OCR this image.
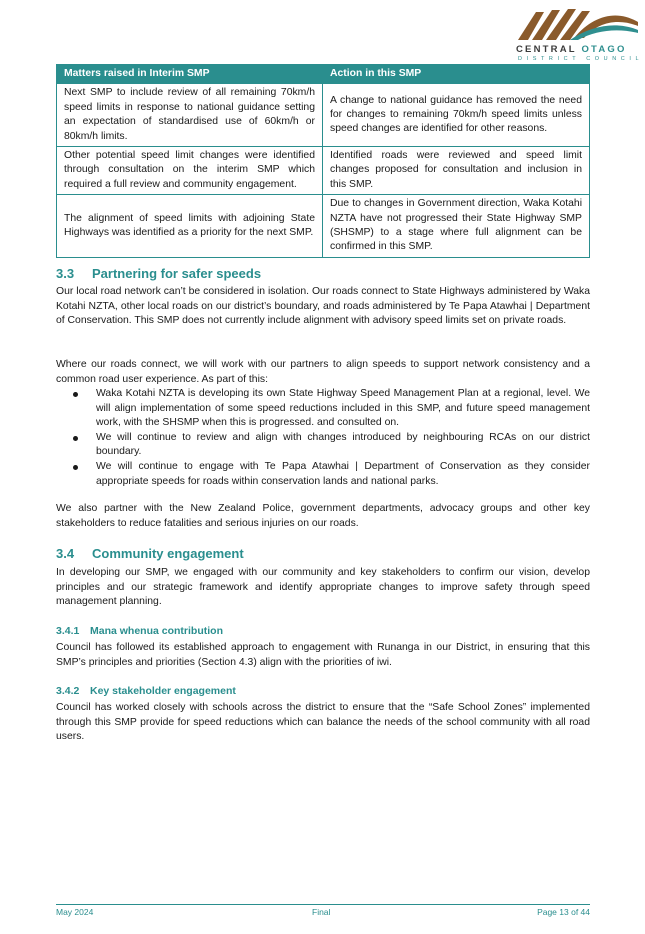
CENTRAL OTAGO
DISTRICT COUNCIL
Matters raised in Interim SMP	Action in this SMP
Next SMP to include review of all remaining 70km/h speed limits in response to national guidance setting an expectation of standardised use of 60km/h or 80km/h limits.	A change to national guidance has removed the need for changes to remaining 70km/h speed limits unless speed changes are identified for other reasons.
Other potential speed limit changes were identified through consultation on the interim SMP which required a full review and community engagement.	Identified roads were reviewed and speed limit changes proposed for consultation and inclusion in this SMP.
The alignment of speed limits with adjoining State Highways was identified as a priority for the next SMP.	Due to changes in Government direction, Waka Kotahi NZTA have not progressed their State Highway SMP (SHSMP) to a stage where full alignment can be confirmed in this SMP.
3.3 Partnering for safer speeds

Our local road network can’t be considered in isolation. Our roads connect to State Highways administered by Waka Kotahi NZTA, other local roads on our district’s boundary, and roads administered by Te Papa Atawhai | Department of Conservation. This SMP does not currently include alignment with advisory speed limits set on private roads.

Where our roads connect, we will work with our partners to align speeds to support network consistency and a common road user experience. As part of this:

Waka Kotahi NZTA is developing its own State Highway Speed Management Plan at a regional, level. We will align implementation of some speed reductions included in this SMP, and future speed management work, with the SHSMP when this is progressed. and consulted on.
We will continue to review and align with changes introduced by neighbouring RCAs on our district boundary.
We will continue to engage with Te Papa Atawhai | Department of Conservation as they consider appropriate speeds for roads within conservation lands and national parks.

We also partner with the New Zealand Police, government departments, advocacy groups and other key stakeholders to reduce fatalities and serious injuries on our roads.

3.4 Community engagement

In developing our SMP, we engaged with our community and key stakeholders to confirm our vision, develop principles and our strategic framework and identify appropriate changes to improve safety through speed management planning.

3.4.1 Mana whenua contribution

Council has followed its established approach to engagement with Runanga in our District, in ensuring that this SMP’s principles and priorities (Section 4.3) align with the priorities of iwi.

3.4.2 Key stakeholder engagement

Council has worked closely with schools across the district to ensure that the “Safe School Zones” implemented through this SMP provide for speed reductions which can balance the needs of the school community with all road users.

May 2024	Final	Page 13 of 44
